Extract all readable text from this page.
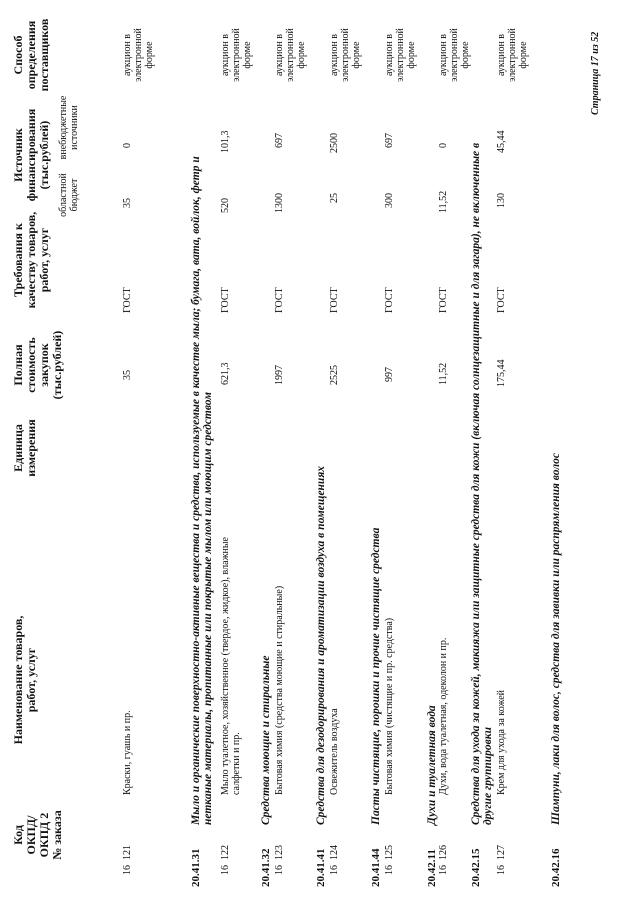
Код ОКПД/ ОКПД 2 № заказа
Наименование товаров, работ, услуг
Единица измерения
Полная стоимость закупок (тыс.рублей)
Требования к качеству товаров, работ, услуг
Источник финансирования (тыс.рублей)
областной бюджет
внебюджетные источники
Способ определения поставщиков
16  121
Краски, гуашь и пр.
35
ГОСТ
35
0
аукцион в электронной форме
20.41.31
Мыло и органические поверхностно-активные вещества и средства, используемые в качестве мыла; бумага, вата, войлок, фетр и нетканые материалы, пропитанные или покрытые мылом или моющим средством
16  122
Мыло туалетное, хозяйственное (твердое, жидкое), влажные салфетки и пр.
621,3
ГОСТ
520
101,3
аукцион в электронной форме
20.41.32
Средства моющие и стиральные
16  123
Бытовая химия (средства моющие и стиральные)
1997
ГОСТ
1300
697
аукцион в электронной форме
20.41.41
Средства для дезодорирования и ароматизации воздуха в помещениях
16  124
Освежитель воздуха
2525
ГОСТ
25
2500
аукцион в электронной форме
20.41.44
Пасты чистящие, порошки и прочие чистящие средства
16  125
Бытовая химия (чистящие и пр. средства)
997
ГОСТ
300
697
аукцион в электронной форме
20.42.11
Духи и туалетная вода
16  126
Духи, вода туалетная, одеколон и пр.
11,52
ГОСТ
11,52
0
аукцион в электронной форме
20.42.15
Средства для ухода за кожей, макияжа или защитные средства для кожи (включая солнцезащитные и для загара), не включенные в другие группировки
16  127
Крем для ухода за кожей
175,44
ГОСТ
130
45,44
аукцион в электронной форме
20.42.16
Шампуни, лаки для волос, средства для завивки или распрямления волос
Страница 17 из 52
